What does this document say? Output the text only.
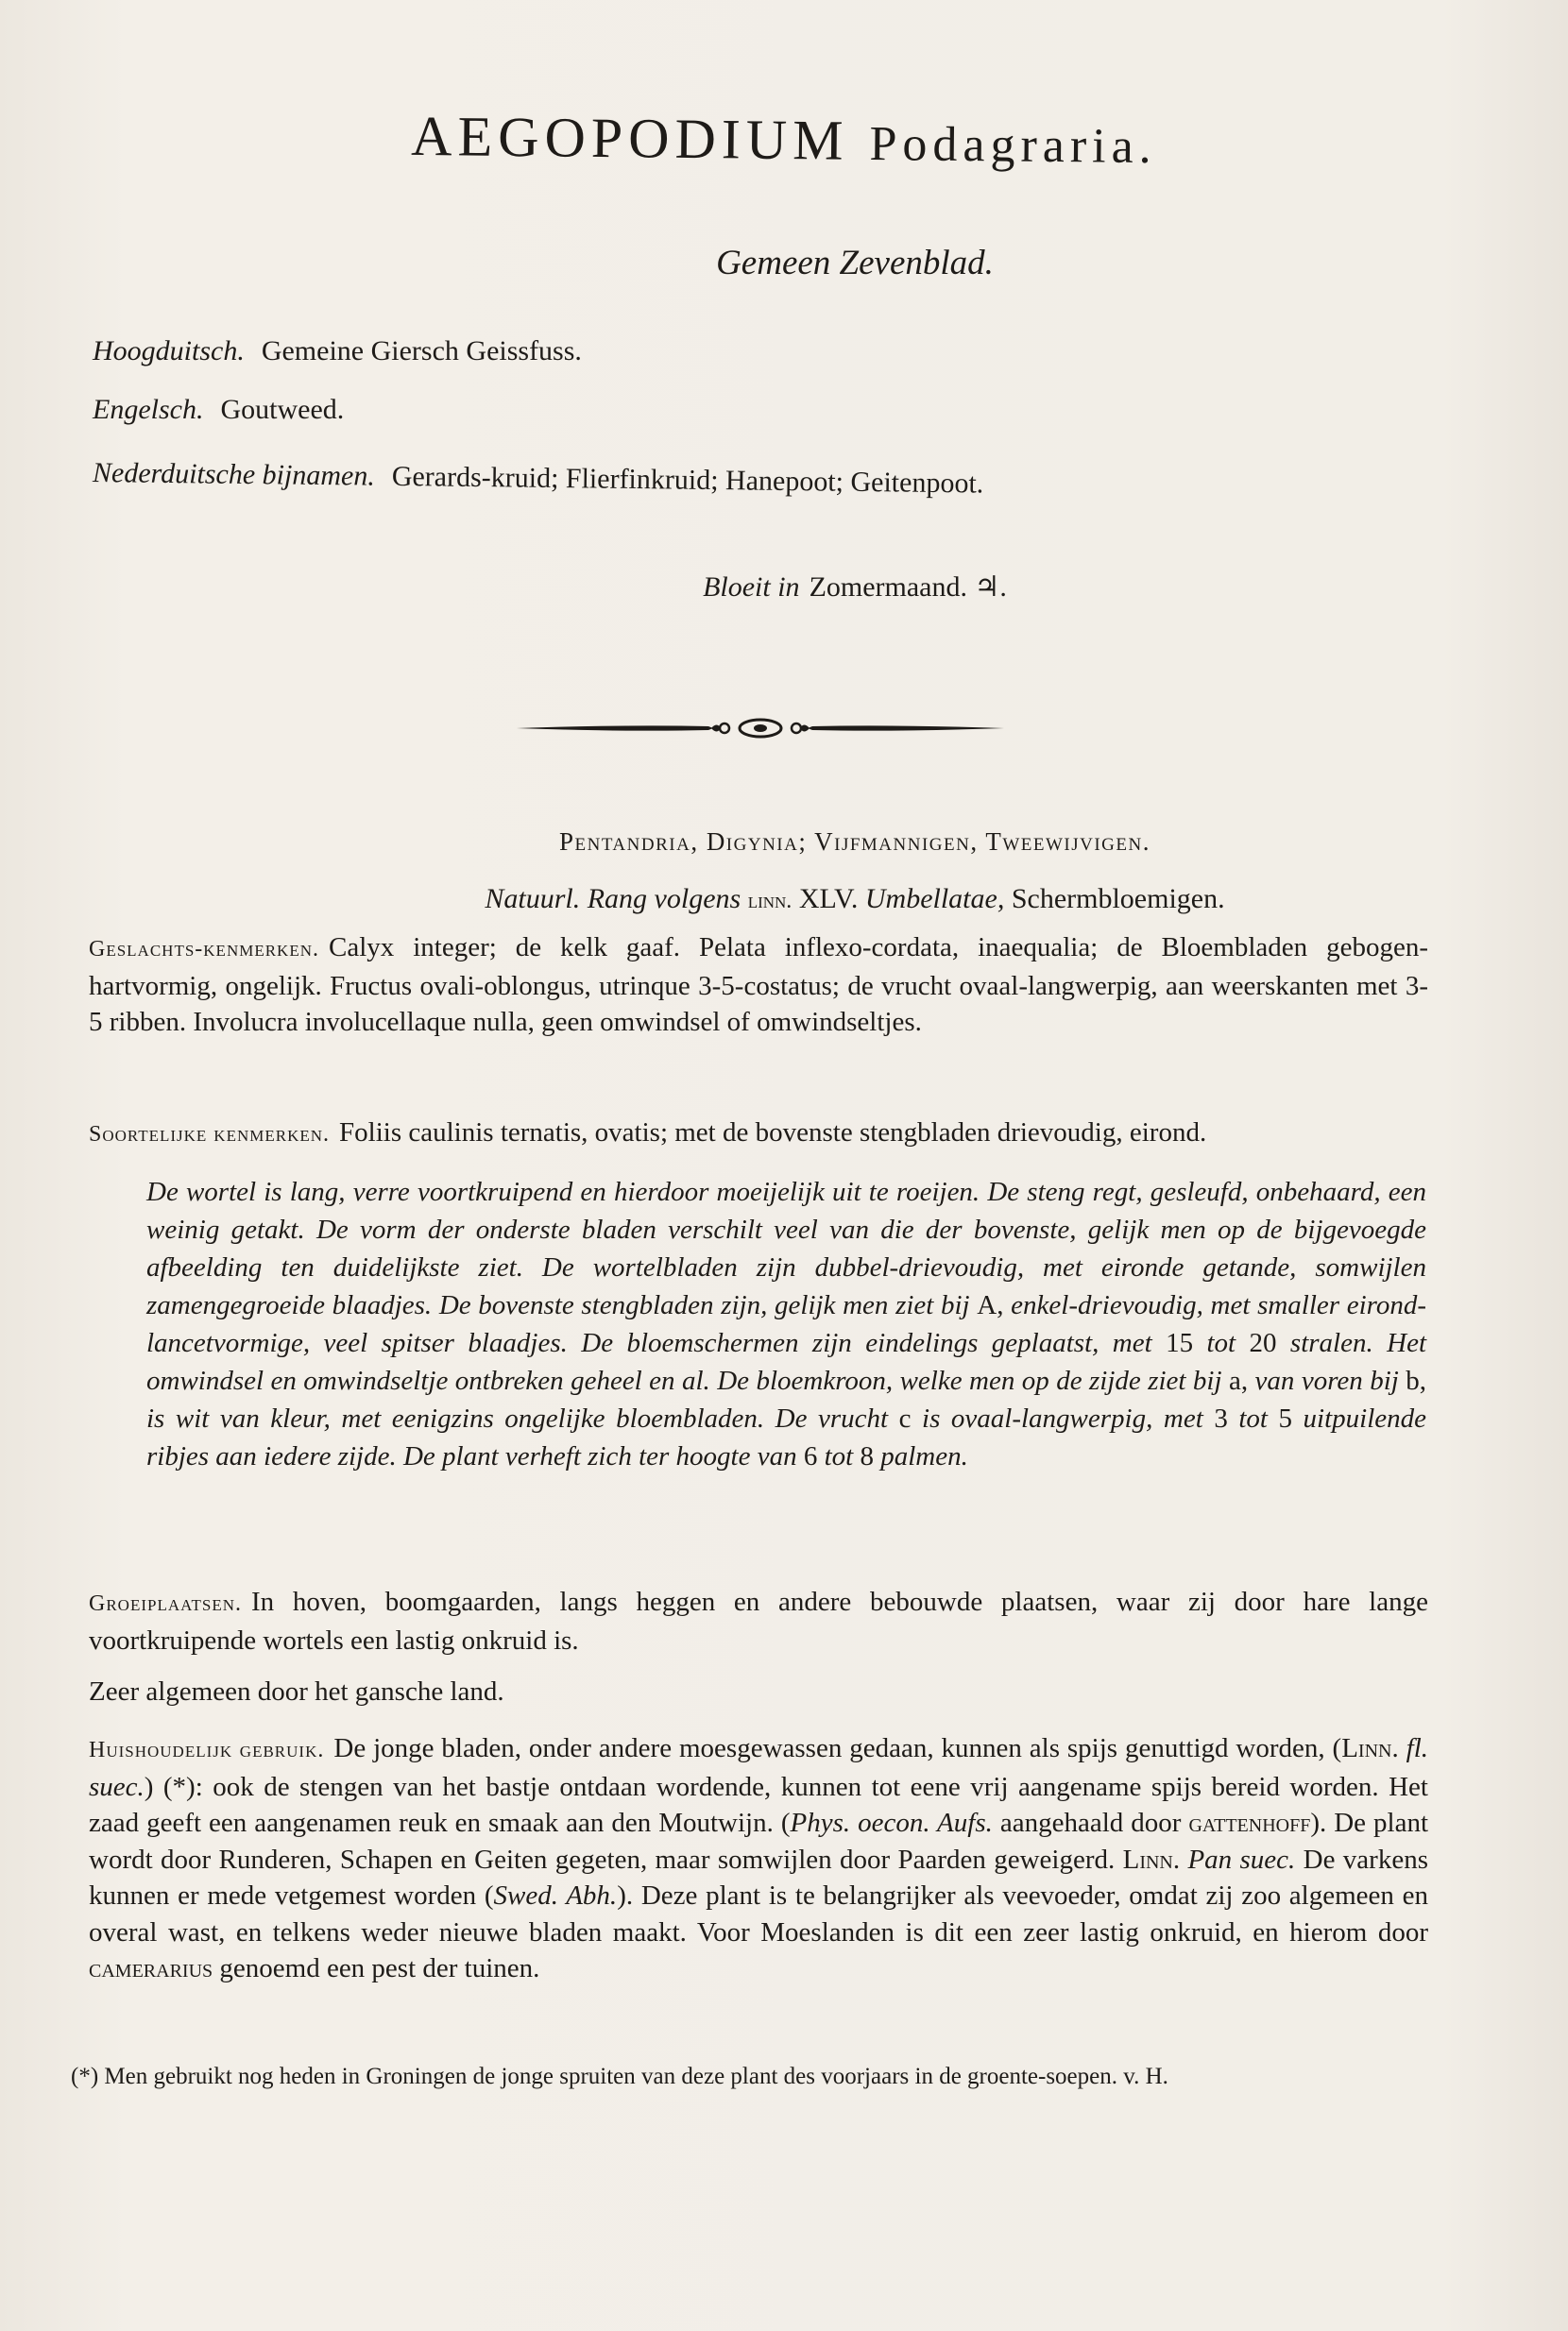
AEGOPODIUM Podagraria.
Gemeen Zevenblad.
Hoogduitsch. Gemeine Giersch Geissfuss.
Engelsch. Goutweed.
Nederduitsche bijnamen. Gerards-kruid; Flierfinkruid; Hanepoot; Geitenpoot.
Bloeit in Zomermaand. ♃.
Pentandria, Digynia; Vijfmannigen, Tweewijvigen.
Natuurl. Rang volgens linn. XLV. Umbellatae, Schermbloemigen.
Geslachts-kenmerken. Calyx integer; de kelk gaaf. Pelata inflexo-cordata, inaequalia; de Bloembladen gebogen-hartvormig, ongelijk. Fructus ovali-oblongus, utrinque 3-5-costatus; de vrucht ovaal-langwerpig, aan weerskanten met 3-5 ribben. Involucra involucellaque nulla, geen omwindsel of omwindseltjes.
Soortelijke kenmerken. Foliis caulinis ternatis, ovatis; met de bovenste stengbladen drievoudig, eirond.
De wortel is lang, verre voortkruipend en hierdoor moeijelijk uit te roeijen. De steng regt, gesleufd, onbehaard, een weinig getakt. De vorm der onderste bladen verschilt veel van die der bovenste, gelijk men op de bijgevoegde afbeelding ten duidelijkste ziet. De wortelbladen zijn dubbel-drievoudig, met eironde getande, somwijlen zamengegroeide blaadjes. De bovenste stengbladen zijn, gelijk men ziet bij A, enkel-drievoudig, met smaller eirond-lancetvormige, veel spitser blaadjes. De bloemschermen zijn eindelings geplaatst, met 15 tot 20 stralen. Het omwindsel en omwindseltje ontbreken geheel en al. De bloemkroon, welke men op de zijde ziet bij a, van voren bij b, is wit van kleur, met eenigzins ongelijke bloembladen. De vrucht c is ovaal-langwerpig, met 3 tot 5 uitpuilende ribjes aan iedere zijde. De plant verheft zich ter hoogte van 6 tot 8 palmen.
Groeiplaatsen. In hoven, boomgaarden, langs heggen en andere bebouwde plaatsen, waar zij door hare lange voortkruipende wortels een lastig onkruid is.
Zeer algemeen door het gansche land.
Huishoudelijk gebruik. De jonge bladen, onder andere moesgewassen gedaan, kunnen als spijs genuttigd worden, (Linn. fl. suec.) (*): ook de stengen van het bastje ontdaan wordende, kunnen tot eene vrij aangename spijs bereid worden. Het zaad geeft een aangenamen reuk en smaak aan den Moutwijn. (Phys. oecon. Aufs. aangehaald door gattenhoff). De plant wordt door Runderen, Schapen en Geiten gegeten, maar somwijlen door Paarden geweigerd. Linn. Pan suec. De varkens kunnen er mede vetgemest worden (Swed. Abh.). Deze plant is te belangrijker als veevoeder, omdat zij zoo algemeen en overal wast, en telkens weder nieuwe bladen maakt. Voor Moeslanden is dit een zeer lastig onkruid, en hierom door camerarius genoemd een pest der tuinen.
(*) Men gebruikt nog heden in Groningen de jonge spruiten van deze plant des voorjaars in de groente-soepen. v. H.
